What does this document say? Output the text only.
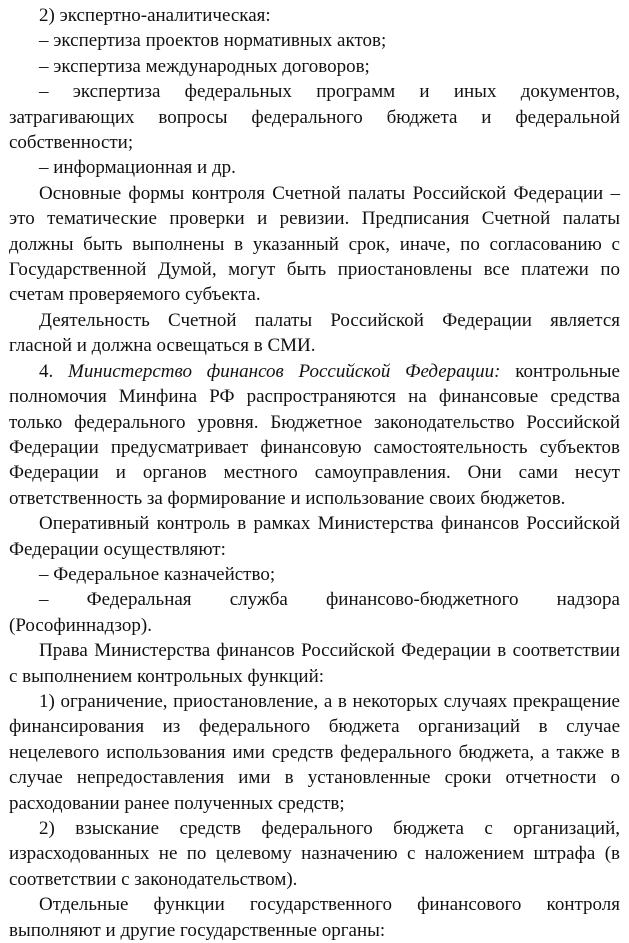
2) экспертно-аналитическая:

– экспертиза проектов нормативных актов;

– экспертиза международных договоров;

– экспертиза федеральных программ и иных документов, затрагивающих вопросы федерального бюджета и федеральной собственности;

– информационная и др.

Основные формы контроля Счетной палаты Российской Федерации – это тематические проверки и ревизии. Предписания Счетной палаты должны быть выполнены в указанный срок, иначе, по согласованию с Государственной Думой, могут быть приостановлены все платежи по счетам проверяемого субъекта.

Деятельность Счетной палаты Российской Федерации является гласной и должна освещаться в СМИ.

4. Министерство финансов Российской Федерации: контрольные полномочия Минфина РФ распространяются на финансовые средства только федерального уровня. Бюджетное законодательство Российской Федерации предусматривает финансовую самостоятельность субъектов Федерации и органов местного самоуправления. Они сами несут ответственность за формирование и использование своих бюджетов.

Оперативный контроль в рамках Министерства финансов Российской Федерации осуществляют:

– Федеральное казначейство;

– Федеральная служба финансово-бюджетного надзора (Рософиннадзор).

Права Министерства финансов Российской Федерации в соответствии с выполнением контрольных функций:

1) ограничение, приостановление, а в некоторых случаях прекращение финансирования из федерального бюджета организаций в случае нецелевого использования ими средств федерального бюджета, а также в случае непредоставления ими в установленные сроки отчетности о расходовании ранее полученных средств;

2) взыскание средств федерального бюджета с организаций, израсходованных не по целевому назначению с наложением штрафа (в соответствии с законодательством).

Отдельные функции государственного финансового контроля выполняют и другие государственные органы:
